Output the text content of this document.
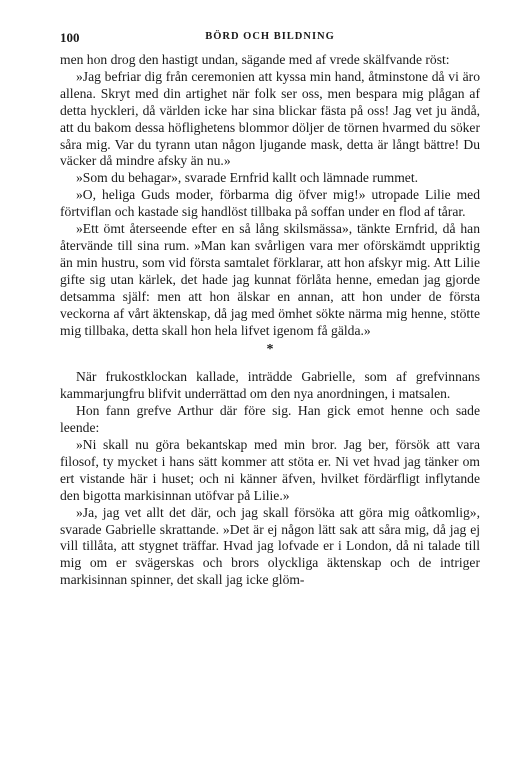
100	BÖRD OCH BILDNING

men hon drog den hastigt undan, sägande med af vrede skälfvande röst:

»Jag befriar dig från ceremonien att kyssa min hand, åtminstone då vi äro allena. Skryt med din artighet när folk ser oss, men bespara mig plågan af detta hyckleri, då världen icke har sina blickar fästa på oss! Jag vet ju ändå, att du bakom dessa höflighetens blommor döljer de törnen hvarmed du söker såra mig. Var du tyrann utan någon ljugande mask, detta är långt bättre! Du väcker då mindre afsky än nu.»

»Som du behagar», svarade Ernfrid kallt och lämnade rummet.

»O, heliga Guds moder, förbarma dig öfver mig!» utropade Lilie med förtviflan och kastade sig handlöst tillbaka på soffan under en flod af tårar.

»Ett ömt återseende efter en så lång skilsmässa», tänkte Ernfrid, då han återvände till sina rum. »Man kan svårligen vara mer oförskämdt uppriktig än min hustru, som vid första samtalet förklarar, att hon afskyr mig. Att Lilie gifte sig utan kärlek, det hade jag kunnat förlåta henne, emedan jag gjorde detsamma själf: men att hon älskar en annan, att hon under de första veckorna af vårt äktenskap, då jag med ömhet sökte närma mig henne, stötte mig tillbaka, detta skall hon hela lifvet igenom få gälda.»

*

När frukostklockan kallade, inträdde Gabrielle, som af grefvinnans kammarjungfru blifvit underrättad om den nya anordningen, i matsalen.

Hon fann grefve Arthur där före sig. Han gick emot henne och sade leende:

»Ni skall nu göra bekantskap med min bror. Jag ber, försök att vara filosof, ty mycket i hans sätt kommer att stöta er. Ni vet hvad jag tänker om ert vistande här i huset; och ni känner äfven, hvilket fördärfligt inflytande den bigotta markisinnan utöfvar på Lilie.»

»Ja, jag vet allt det där, och jag skall försöka att göra mig oåtkomlig», svarade Gabrielle skrattande. »Det är ej någon lätt sak att såra mig, då jag ej vill tillåta, att stygnet träffar. Hvad jag lofvade er i London, då ni talade till mig om er svägerskas och brors olyckliga äktenskap och de intriger markisinnan spinner, det skall jag icke glöm-
